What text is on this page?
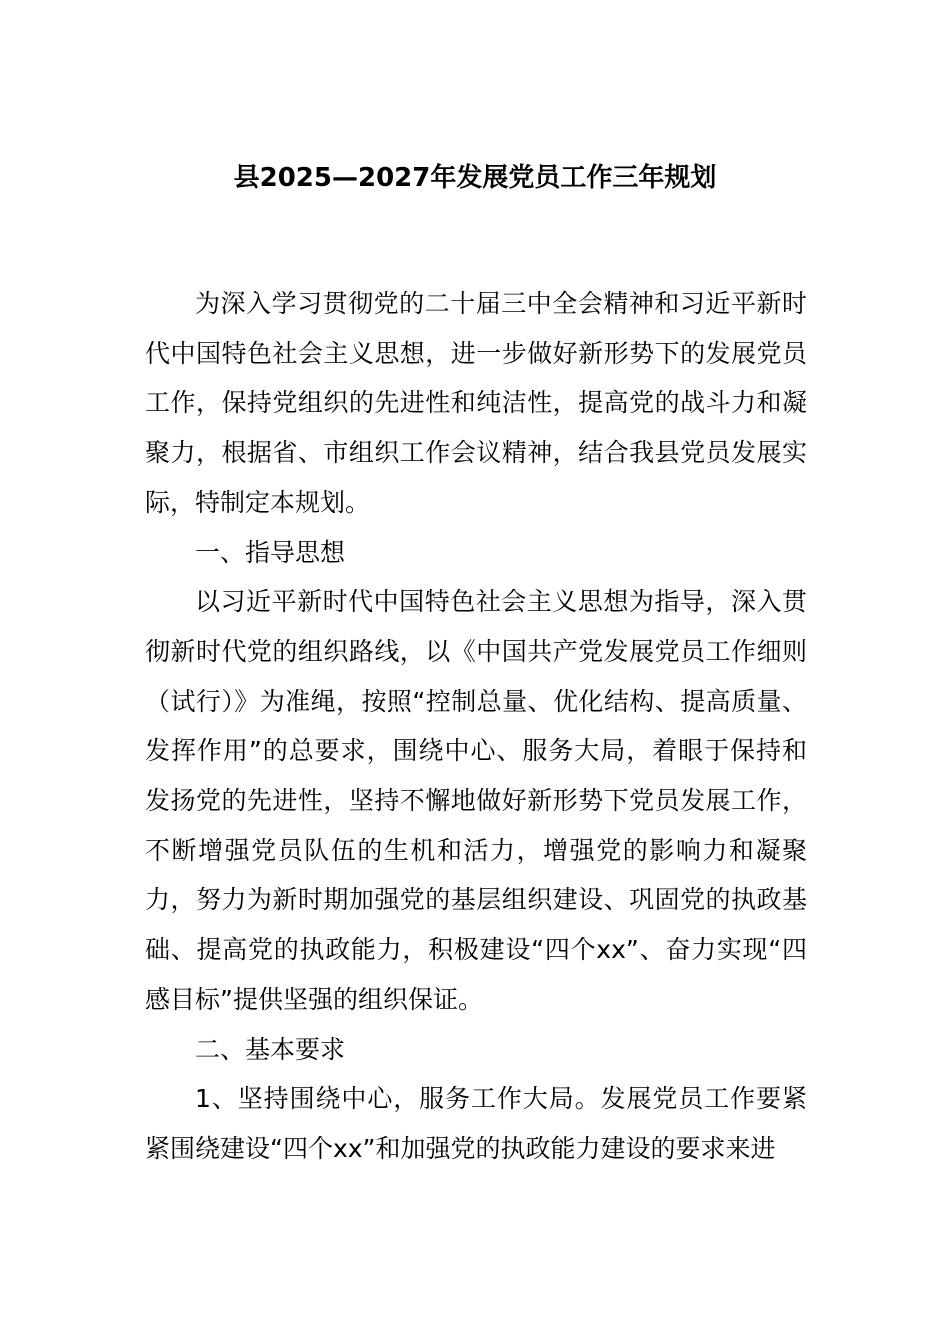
县2025—2027年发展党员工作三年规划

为深入学习贯彻党的二十届三中全会精神和习近平新时代中国特色社会主义思想，进一步做好新形势下的发展党员工作，保持党组织的先进性和纯洁性，提高党的战斗力和凝聚力，根据省、市组织工作会议精神，结合我县党员发展实际，特制定本规划。

一、指导思想

以习近平新时代中国特色社会主义思想为指导，深入贯彻新时代党的组织路线，以《中国共产党发展党员工作细则（试行）》为准绳，按照“控制总量、优化结构、提高质量、发挥作用”的总要求，围绕中心、服务大局，着眼于保持和发扬党的先进性，坚持不懈地做好新形势下党员发展工作，不断增强党员队伍的生机和活力，增强党的影响力和凝聚力，努力为新时期加强党的基层组织建设、巩固党的执政基础、提高党的执政能力，积极建设“四个xx”、奋力实现“四感目标”提供坚强的组织保证。

二、基本要求

1、坚持围绕中心，服务工作大局。发展党员工作要紧紧围绕建设“四个xx”和加强党的执政能力建设的要求来进
